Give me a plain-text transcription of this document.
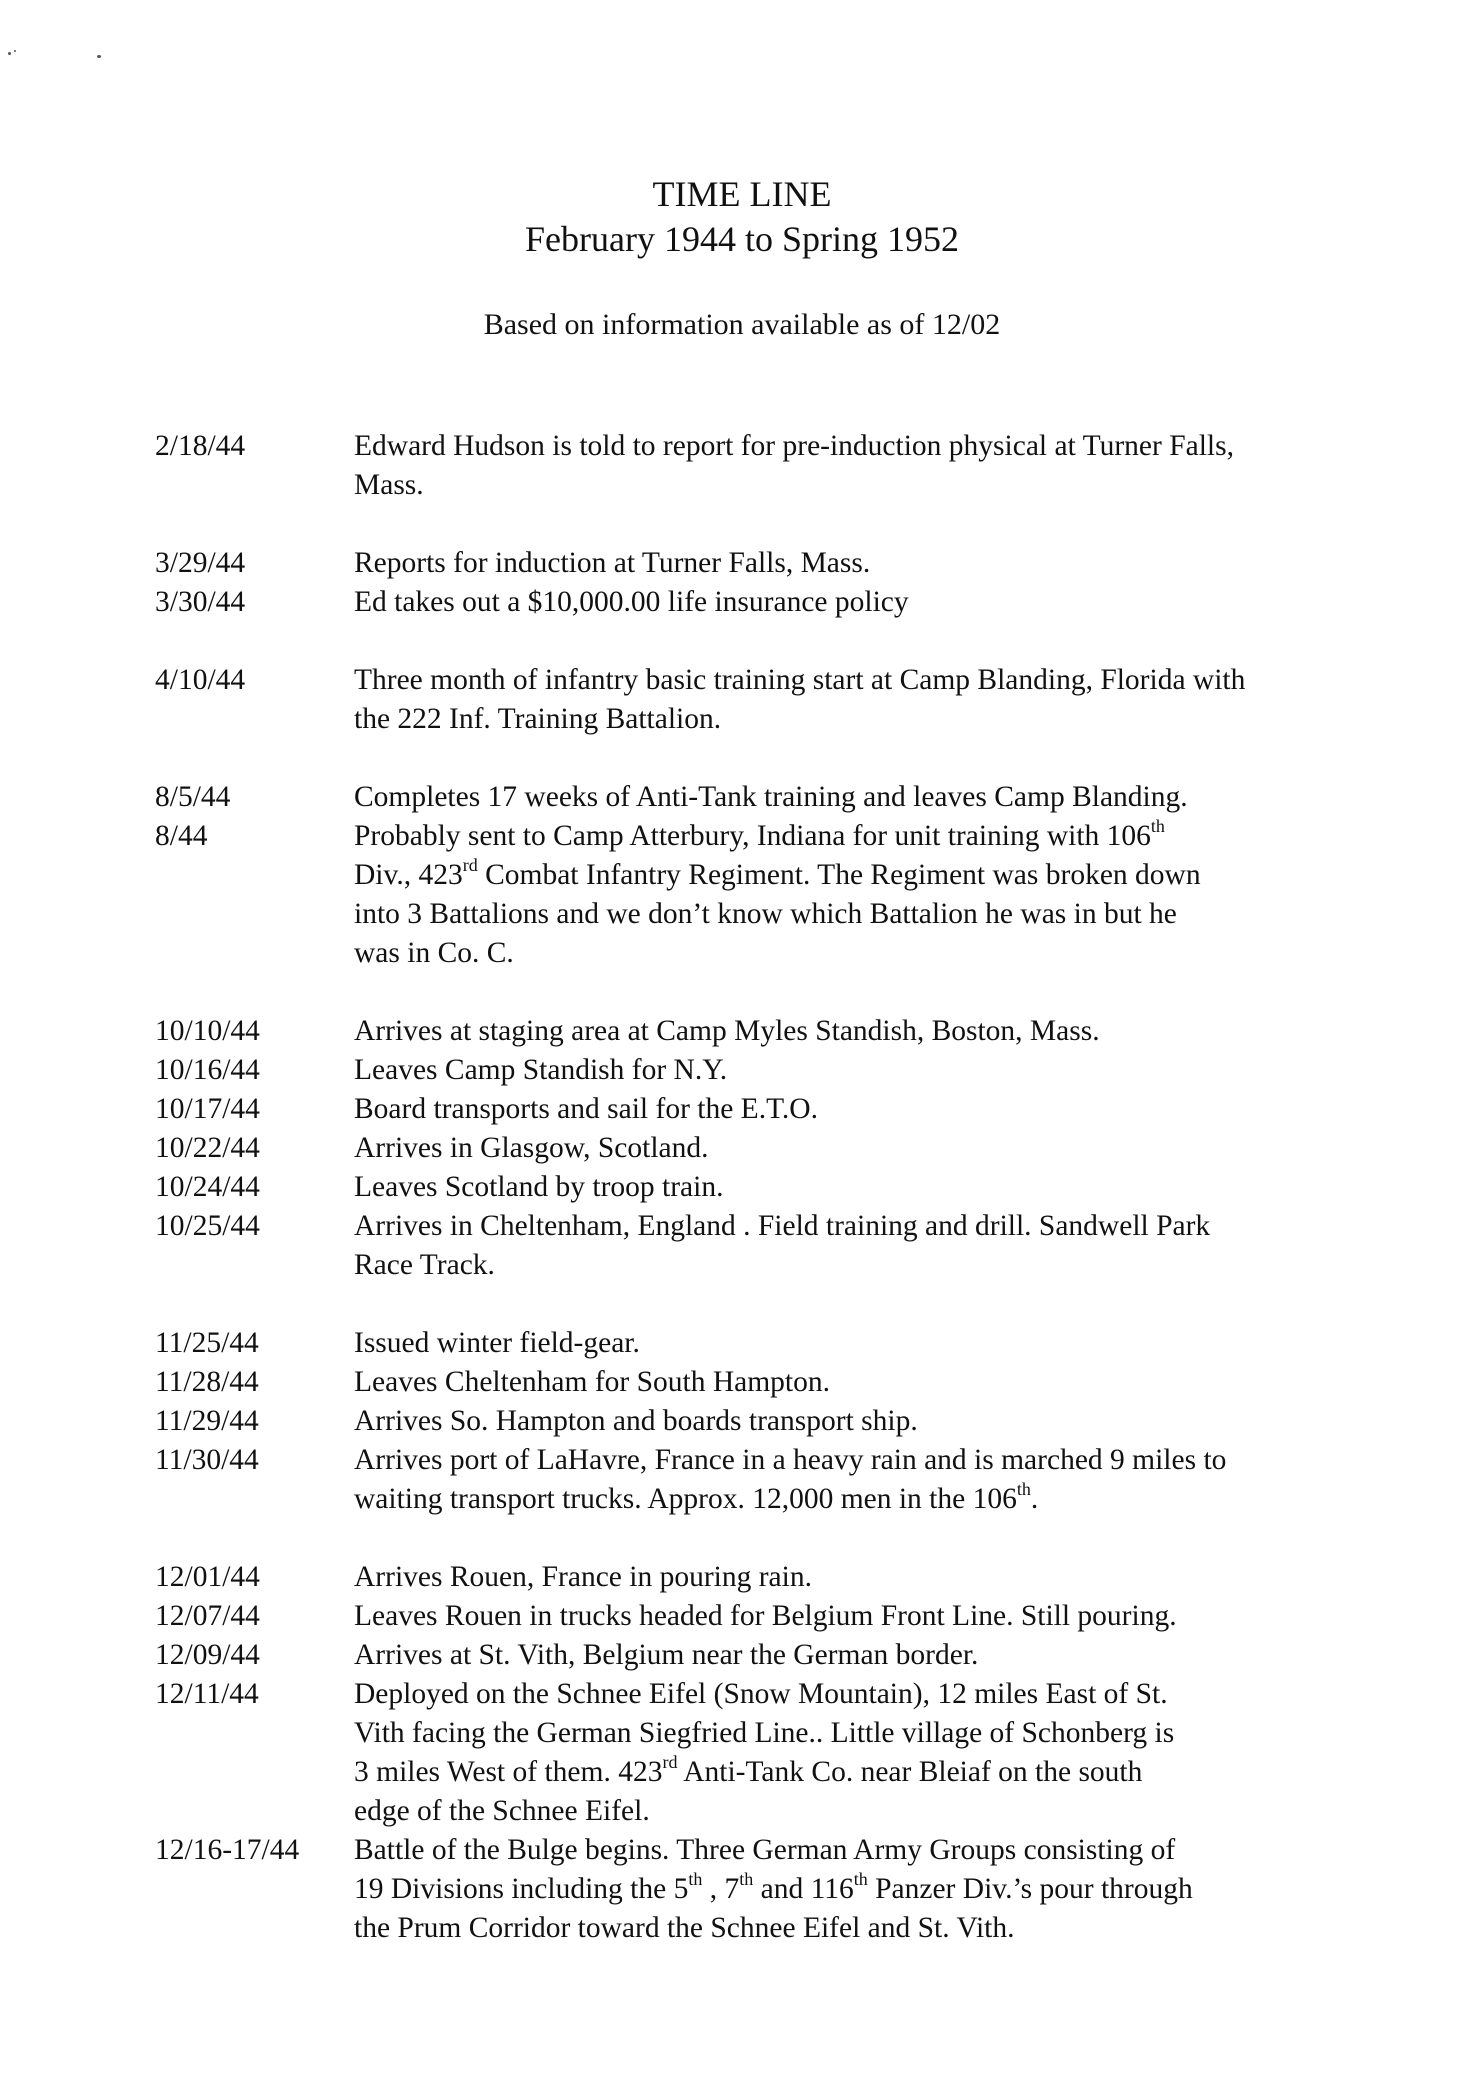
TIME LINE
February 1944 to Spring 1952
Based on information available as of 12/02
2/18/44	Edward Hudson is told to report for pre-induction physical at Turner Falls,

Mass.

3/29/44	Reports for induction at Turner Falls, Mass.

3/30/44	Ed takes out a $10,000.00 life insurance policy

4/10/44	Three month of infantry basic training start at Camp Blanding, Florida with

the 222 Inf. Training Battalion.

8/5/44	Completes 17 weeks of Anti-Tank training and leaves Camp Blanding.

8/44	Probably sent to Camp Atterbury, Indiana for unit training with 106th

Div., 423rd Combat Infantry Regiment. The Regiment was broken down

into 3 Battalions and we don’t know which Battalion he was in but he

was in Co. C.

10/10/44	Arrives at staging area at Camp Myles Standish, Boston, Mass.

10/16/44	Leaves Camp Standish for N.Y.

10/17/44	Board transports and sail for the E.T.O.

10/22/44	Arrives in Glasgow, Scotland.

10/24/44	Leaves Scotland by troop train.

10/25/44	Arrives in Cheltenham, England . Field training and drill. Sandwell Park

Race Track.

11/25/44	Issued winter field-gear.

11/28/44	Leaves Cheltenham for South Hampton.

11/29/44	Arrives So. Hampton and boards transport ship.

11/30/44	Arrives port of LaHavre, France in a heavy rain and is marched 9 miles to

waiting transport trucks. Approx. 12,000 men in the 106th.

12/01/44	Arrives Rouen, France in pouring rain.

12/07/44	Leaves Rouen in trucks headed for Belgium Front Line. Still pouring.

12/09/44	Arrives at St. Vith, Belgium near the German border.

12/11/44	Deployed on the Schnee Eifel (Snow Mountain), 12 miles East of St.

Vith facing the German Siegfried Line.. Little village of Schonberg is

3 miles West of them. 423rd Anti-Tank Co. near Bleiaf on the south

edge of the Schnee Eifel.

12/16-17/44 Battle of the Bulge begins. Three German Army Groups consisting of

19 Divisions including the 5th , 7th and 116th Panzer Div.’s pour through

the Prum Corridor toward the Schnee Eifel and St. Vith.
